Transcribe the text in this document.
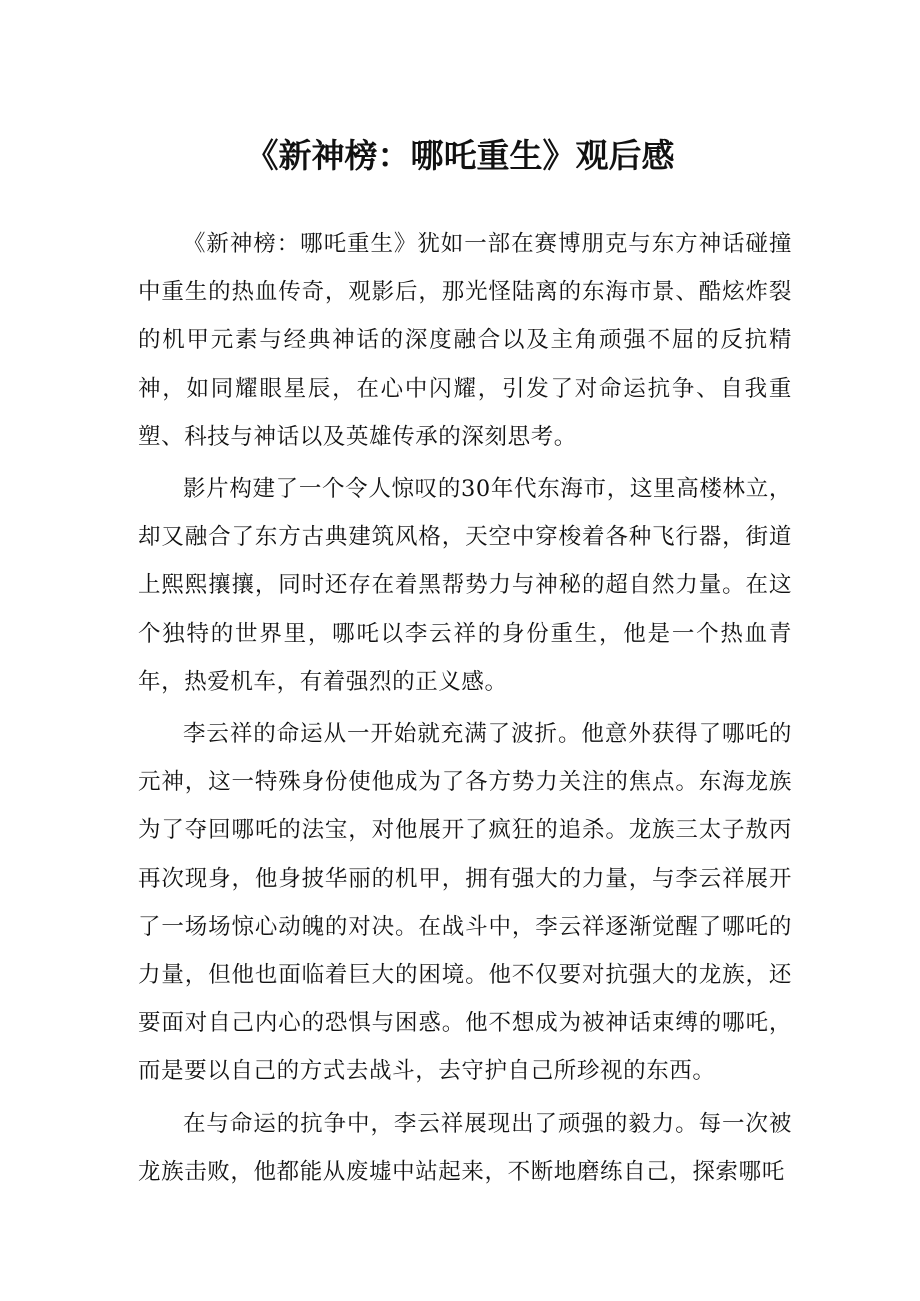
《新神榜：哪吒重生》观后感

《新神榜：哪吒重生》犹如一部在赛博朋克与东方神话碰撞中重生的热血传奇，观影后，那光怪陆离的东海市景、酷炫炸裂的机甲元素与经典神话的深度融合以及主角顽强不屈的反抗精神，如同耀眼星辰，在心中闪耀，引发了对命运抗争、自我重塑、科技与神话以及英雄传承的深刻思考。

影片构建了一个令人惊叹的30年代东海市，这里高楼林立，却又融合了东方古典建筑风格，天空中穿梭着各种飞行器，街道上熙熙攘攘，同时还存在着黑帮势力与神秘的超自然力量。在这个独特的世界里，哪吒以李云祥的身份重生，他是一个热血青年，热爱机车，有着强烈的正义感。

李云祥的命运从一开始就充满了波折。他意外获得了哪吒的元神，这一特殊身份使他成为了各方势力关注的焦点。东海龙族为了夺回哪吒的法宝，对他展开了疯狂的追杀。龙族三太子敖丙再次现身，他身披华丽的机甲，拥有强大的力量，与李云祥展开了一场场惊心动魄的对决。在战斗中，李云祥逐渐觉醒了哪吒的力量，但他也面临着巨大的困境。他不仅要对抗强大的龙族，还要面对自己内心的恐惧与困惑。他不想成为被神话束缚的哪吒，而是要以自己的方式去战斗，去守护自己所珍视的东西。

在与命运的抗争中，李云祥展现出了顽强的毅力。每一次被龙族击败，他都能从废墟中站起来，不断地磨练自己，探索哪吒
